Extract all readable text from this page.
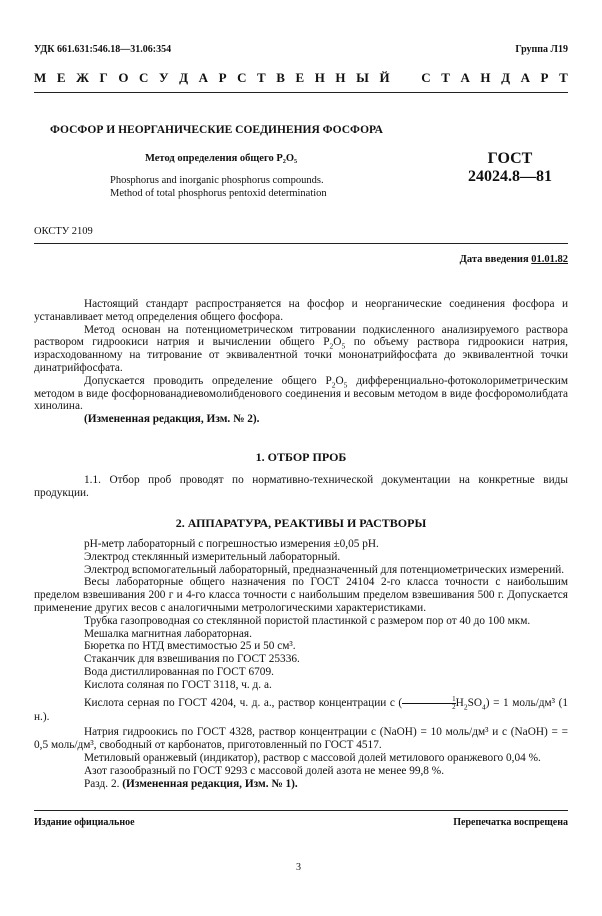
УДК 661.631:546.18—31.06:354	Группа Л19
М Е Ж Г О С У Д А Р С Т В Е Н Н Ы Й С Т А Н Д А Р Т
ФОСФОР И НЕОРГАНИЧЕСКИЕ СОЕДИНЕНИЯ ФОСФОРА
Метод определения общего P₂O₅
Phosphorus and inorganic phosphorus compounds.
Method of total phosphorus pentoxid determination
ГОСТ
24024.8—81
ОКСТУ 2109
Дата введения 01.01.82

Настоящий стандарт распространяется на фосфор и неорганические соединения фосфора и устанавливает метод определения общего фосфора.

Метод основан на потенциометрическом титровании подкисленного анализируемого раствора раствором гидроокиси натрия и вычислении общего $P_2O_5$ по объему раствора гидроокиси натрия, израсходованному на титрование от эквивалентной точки мононатрийфосфата до эквивалентной точки динатрийфосфата.

Допускается проводить определение общего $P_2O_5$ дифференциально-фотоколориметрическим методом в виде фосфорнованадиевомолибденового соединения и весовым методом в виде фосфоромолибдата хинолина.

(Измененная редакция, Изм. № 2).

1. ОТБОР ПРОБ
1.1. Отбор проб проводят по нормативно-технической документации на конкретные виды продукции.
2. АППАРАТУРА, РЕАКТИВЫ И РАСТВОРЫ

pH-метр лабораторный с погрешностью измерения ±0,05 pH.

Электрод стеклянный измерительный лабораторный.

Электрод вспомогательный лабораторный, предназначенный для потенциометрических измерений.

Весы лабораторные общего назначения по ГОСТ 24104 2-го класса точности с наибольшим пределом взвешивания 200 г и 4-го класса точности с наибольшим пределом взвешивания 500 г. Допускается применение других весов с аналогичными метрологическими характеристиками.

Трубка газопроводная со стеклянной пористой пластинкой с размером пор от 40 до 100 мкм.

Мешалка магнитная лабораторная.

Бюретка по НТД вместимостью 25 и 50 см³.

Стаканчик для взвешивания по ГОСТ 25336.

Вода дистиллированная по ГОСТ 6709.

Кислота соляная по ГОСТ 3118, ч. д. а.

Кислота серная по ГОСТ 4204, ч. д. а., раствор концентрации c ( $\frac{1}{2} H_2SO_4) = 1$ моль/дм³ (1 н.).

Натрия гидроокись по ГОСТ 4328, раствор концентрации c (NaOH) = 10 моль/дм³ и c (NaOH) = = 0,5 моль/дм³, свободный от карбонатов, приготовленный по ГОСТ 4517.

Метиловый оранжевый (индикатор), раствор с массовой долей метилового оранжевого 0,04 %.

Азот газообразный по ГОСТ 9293 с массовой долей азота не менее 99,8 %.

Разд. 2. (Измененная редакция, Изм. № 1).

Издание официальное	Перепечатка воспрещена
3
